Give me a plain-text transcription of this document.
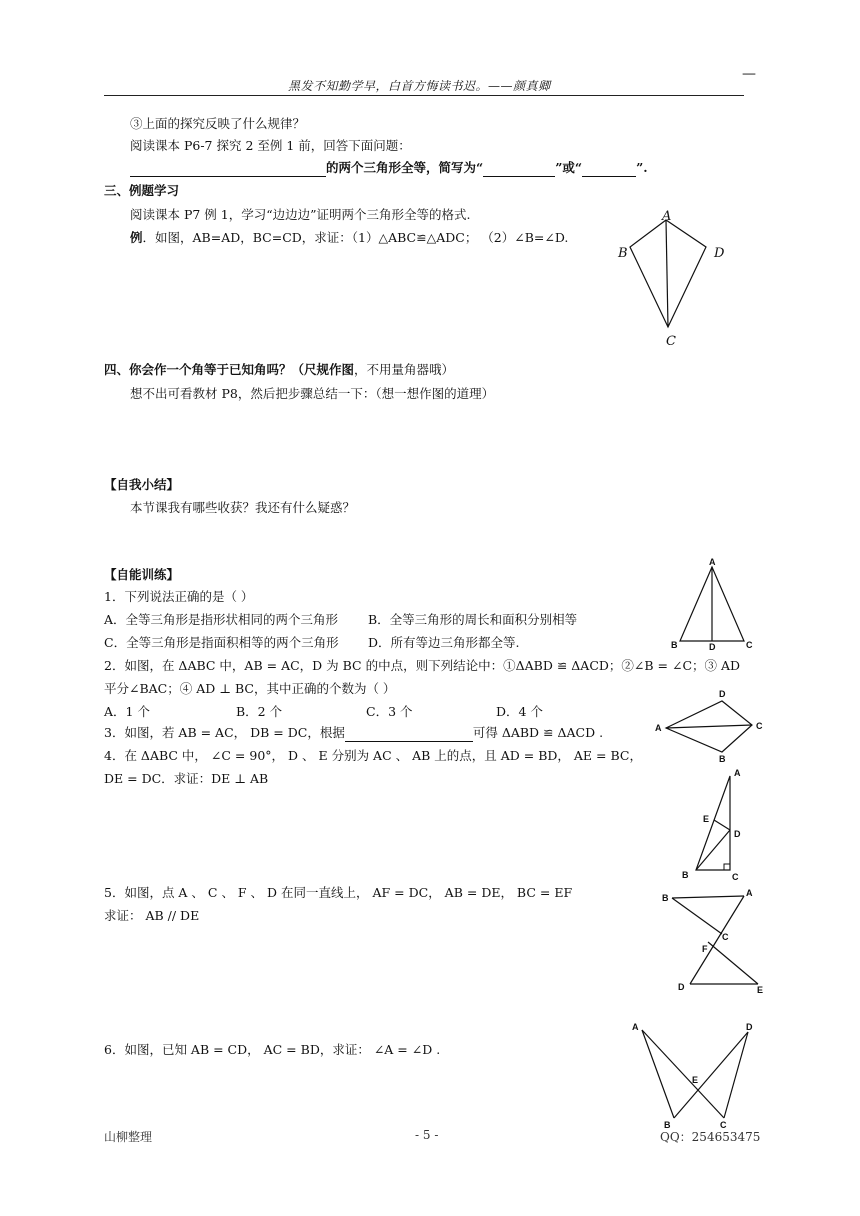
黑发不知勤学早，白首方悔读书迟。——颜真卿
—
③上面的探究反映了什么规律？
阅读课本 P6-7 探究 2 至例 1 前，回答下面问题：
的两个三角形全等，简写为“	”或“	”.
三、例题学习
阅读课本 P7 例 1，学习“边边边”证明两个三角形全等的格式.
例．如图，AB=AD，BC=CD，求证：（1）△ABC≌△ADC； （2）∠B=∠D.
A
B	D
C
四、你会作一个角等于已知角吗？（尺规作图，不用量角器哦）
想不出可看教材 P8，然后把步骤总结一下：（想一想作图的道理）
【自我小结】
本节课我有哪些收获？我还有什么疑惑？
【自能训练】
1．下列说法正确的是（ ）
A．全等三角形是指形状相同的两个三角形 B．全等三角形的周长和面积分别相等
C．全等三角形是指面积相等的两个三角形 D．所有等边三角形都全等.
2．如图，在 ΔABC 中，AB = AC，D 为 BC 的中点，则下列结论中：①ΔABD ≌ ΔACD；②∠B = ∠C；③ AD
平分∠BAC；④ AD ⊥ BC，其中正确的个数为（ ）
A．1 个	B．2 个	C．3 个	D．4 个
3．如图，若 AB = AC， DB = DC，根据	可得 ΔABD ≌ ΔACD .
4．在 ΔABC 中， ∠C = 90°， D 、 E 分别为 AC 、 AB 上的点，且 AD = BD， AE = BC，
DE = DC．求证：DE ⊥ AB
5．如图，点 A 、 C 、 F 、 D 在同一直线上， AF = DC， AB = DE， BC = EF
求证： AB // DE
6．如图，已知 AB = CD， AC = BD，求证： ∠A = ∠D .
A
B	D	C
D
A	C
B
A
E
D
B	C
B	A
C
F
D	E
A	D
E
B	C
山柳整理	- 5 -	QQ：254653475
